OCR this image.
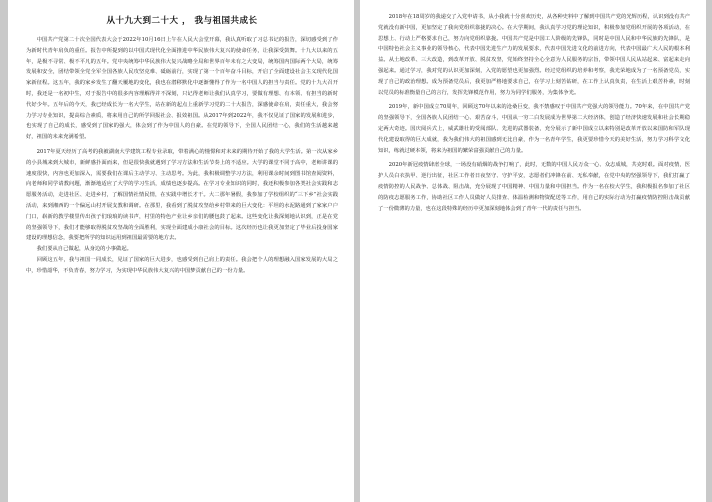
从十九大到二十大 ， 我与祖国共成长

中国共产党第二十次全国代表大会于2022年10月16日上午在人民大会堂开幕，我认真听取了习总书记的报告，深切感受到了作为新时代青年肩负的重任。报告中所提到的以中国式现代化全面推进中华民族伟大复兴的使命任务，让我深受鼓舞。十九大以来的五年，是极不寻常、极不平凡的五年。党中央统筹中华民族伟大复兴战略全局和世界百年未有之大变局，统筹国内国际两个大局，统筹发展和安全，团结带领全党全军全国各族人民攻坚克难、砥砺前行，实现了第一个百年奋斗目标，开启了全面建设社会主义现代化国家新征程。这五年，我的家乡发生了翻天覆地的变化，我也在潜移默化中逐渐懂得了作为一名中国人的担当与责任。党的十九大召开时，我还是一名初中生，对于报告中的很多内容理解得并不深刻，只记得老师让我们认真学习，要做有理想、有本领、有担当的新时代好少年。五年后的今天，我已经成长为一名大学生，站在新的起点上重新学习党的二十大报告，深感使命在肩，责任重大，我会努力学习专业知识，提高综合素质，将来用自己的所学回报社会、报效祖国。从2017年到2022年，我不仅见证了国家的发展和进步，也实现了自己的成长，感受到了国家的强大，体会到了作为中国人的自豪。在党的领导下，全国人民团结一心，我们的生活越来越好，祖国的未来充满希望。

2017年夏天经历了高考的我被湖南大学建筑工程专业录取，带着满心的憧憬和对未来的期待开始了我的大学生活。第一次从家乡的小县城来到大城市，新鲜感扑面而来，但是很快我就遇到了学习方法和生活节奏上的不适应。大学的课堂不同于高中，老师讲课的速度很快，内容也更加深入，需要我们在课后主动学习、主动思考。为此，我积极调整学习方法，利用课余时间到图书馆查阅资料，向老师和同学请教问题，渐渐地适应了大学的学习生活，成绩也逐步提高。在学习专业知识的同时，我还积极参加各类社会实践和志愿服务活动，走进社区、走进乡村，了解国情社情民情，在实践中增长才干。大二那年暑假，我参加了学校组织的“三下乡”社会实践活动，来到湘西的一个偏远山村开展支教和调研。在那里，我看到了脱贫攻坚给乡村带来的巨大变化：平坦的水泥路通到了家家户户门口，崭新的教学楼里传出孩子们琅琅的读书声，村里的特色产业让乡亲们的腰包鼓了起来。这些变化让我深刻地认识到，正是在党的坚强领导下，我们才能够取得脱贫攻坚战的全面胜利，实现全面建成小康社会的目标。这次经历也让我更加坚定了毕业后投身国家建设的理想信念，我要把所学的知识运用到祖国最需要的地方去。

我们要从自己做起，从身边的小事做起。

回顾这五年，我与祖国一同成长，见证了国家的巨大进步，也感受到自己肩上的责任。我会把个人的理想融入国家发展的大局之中，珍惜韶华，不负青春，努力学习，为实现中华民族伟大复兴的中国梦贡献自己的一份力量。

2018年在18周岁的我递交了入党申请书，从小我就十分喜欢历史，从各种史料中了解到中国共产党的光辉历程，认识到没有共产党就没有新中国，更加坚定了我向党组织靠拢的决心。在大学期间，我认真学习党的理论知识，积极参加党组织开展的各项活动，在思想上、行动上严格要求自己，努力向党组织靠拢。中国共产党是中国工人阶级的先锋队，同时是中国人民和中华民族的先锋队，是中国特色社会主义事业的领导核心，代表中国先进生产力的发展要求，代表中国先进文化的前进方向，代表中国最广大人民的根本利益。从土地改革、三大改造，到改革开放、脱贫攻坚，党始终坚持全心全意为人民服务的宗旨，带领中国人民从站起来、富起来走向强起来。通过学习，我对党的认识更加深刻，入党的愿望也更加强烈。经过党组织的培养和考察，我光荣地成为了一名预备党员，实现了自己的政治理想。成为预备党员后，我更加严格地要求自己，在学习上刻苦钻研，在工作上认真负责，在生活上艰苦朴素，时刻以党员的标准衡量自己的言行，发挥先锋模范作用，努力为同学们服务，为集体争光。

2019年，新中国成立70周年，回顾这70年以来的沧桑巨变，我不禁感叹于中国共产党强大的领导能力。70年来，在中国共产党的坚强领导下，全国各族人民团结一心、艰苦奋斗，中国从一穷二白发展成为世界第二大经济体，创造了经济快速发展和社会长期稳定两大奇迹。国庆阅兵式上，威武雄壮的受阅部队、先进的武器装备，充分展示了新中国成立以来特别是改革开放以来国防和军队现代化建设取得的巨大成就，我为我们伟大的祖国感到无比自豪，作为一名青年学生，我更要珍惜今天的美好生活，努力学习科学文化知识，练就过硬本领，将来为祖国的繁荣富强贡献自己的力量。

2020年新冠疫情肆虐全球，一场没有硝烟的战争打响了，此时，无数的中国人民万众一心、众志成城，共克时艰。面对疫情，医护人员白衣执甲、逆行出征，社区工作者日夜坚守、守护平安，志愿者们冲锋在前、无私奉献，在党中央的坚强领导下，我们打赢了疫情防控的人民战争、总体战、阻击战，充分展现了中国精神、中国力量和中国担当。作为一名在校大学生，我积极报名参加了社区的防疫志愿服务工作，协助社区工作人员做好人员排查、体温检测和物资配送等工作，用自己的实际行动为打赢疫情防控阻击战贡献了一份微薄的力量，也在这段特殊的经历中更加深刻地体会到了青年一代的责任与担当。
